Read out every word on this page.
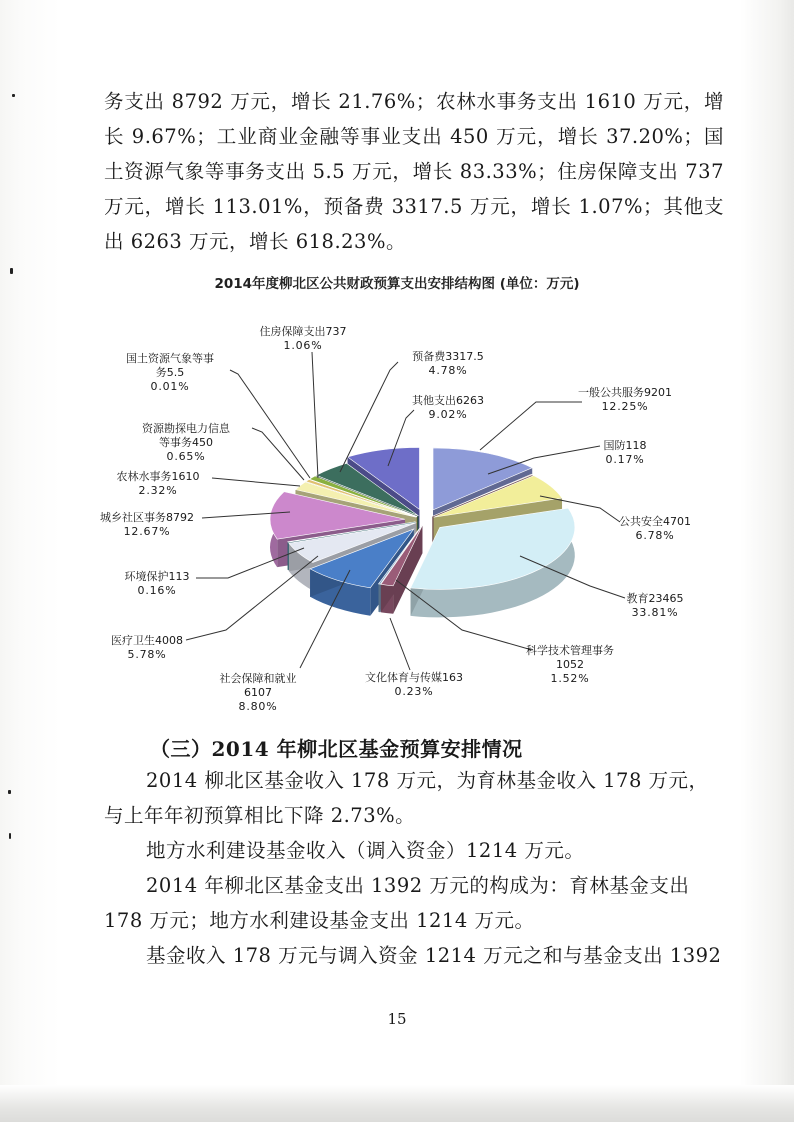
务支出 8792 万元，增长 21.76%；农林水事务支出 1610 万元，增
长 9.67%；工业商业金融等事业支出 450 万元，增长 37.20%；国
土资源气象等事务支出 5.5 万元，增长 83.33%；住房保障支出 737
万元，增长 113.01%，预备费 3317.5 万元，增长 1.07%；其他支
出 6263 万元，增长 618.23%。
2014年度柳北区公共财政预算支出安排结构图 (单位：万元)
一般公共服务9201
12.25%
国防118
0.17%
公共安全4701
6.78%
教育23465
33.81%
科学技术管理事务
1052
1.52%
文化体育与传媒163
0.23%
社会保障和就业
6107
8.80%
医疗卫生4008
5.78%
环境保护113
0.16%
城乡社区事务8792
12.67%
农林水事务1610
2.32%
资源勘探电力信息
等事务450
0.65%
国土资源气象等事
务5.5
0.01%
住房保障支出737
1.06%
预备费3317.5
4.78%
其他支出6263
9.02%
（三）2014 年柳北区基金预算安排情况
2014 柳北区基金收入 178 万元，为育林基金收入 178 万元，
与上年年初预算相比下降 2.73%。
地方水利建设基金收入（调入资金）1214 万元。
2014 年柳北区基金支出 1392 万元的构成为：育林基金支出
178 万元；地方水利建设基金支出 1214 万元。
基金收入 178 万元与调入资金 1214 万元之和与基金支出 1392
15
